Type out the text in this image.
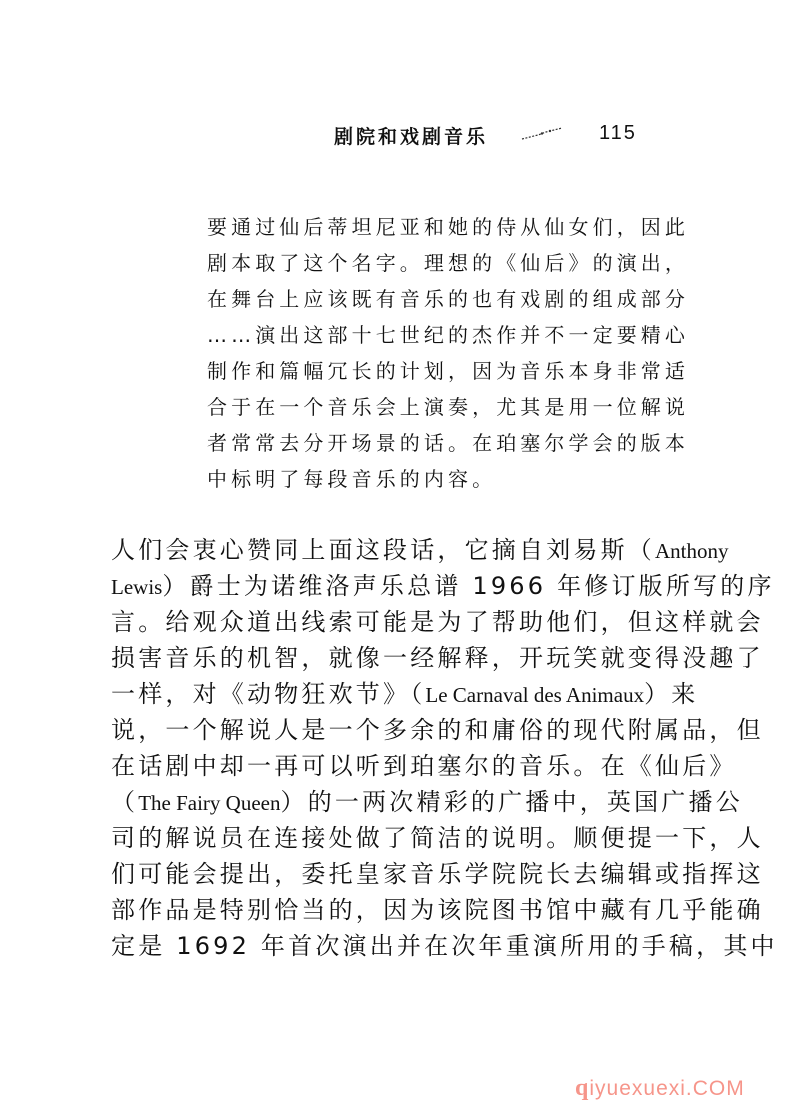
剧院和戏剧音乐	115
要通过仙后蒂坦尼亚和她的侍从仙女们，因此
剧本取了这个名字。理想的《仙后》的演出，
在舞台上应该既有音乐的也有戏剧的组成部分
……演出这部十七世纪的杰作并不一定要精心
制作和篇幅冗长的计划，因为音乐本身非常适
合于在一个音乐会上演奏，尤其是用一位解说
者常常去分开场景的话。在珀塞尔学会的版本
中标明了每段音乐的内容。
人们会衷心赞同上面这段话，它摘自刘易斯（Anthony
Lewis）爵士为诺维洛声乐总谱 1966 年修订版所写的序
言。给观众道出线索可能是为了帮助他们，但这样就会
损害音乐的机智，就像一经解释，开玩笑就变得没趣了
一样，对《动物狂欢节》（Le Carnaval des Animaux）来
说，一个解说人是一个多余的和庸俗的现代附属品，但
在话剧中却一再可以听到珀塞尔的音乐。在《仙后》
（The Fairy Queen）的一两次精彩的广播中，英国广播公
司的解说员在连接处做了简洁的说明。顺便提一下，人
们可能会提出，委托皇家音乐学院院长去编辑或指挥这
部作品是特别恰当的，因为该院图书馆中藏有几乎能确
定是 1692 年首次演出并在次年重演所用的手稿，其中
qiyuexuexi.COM
